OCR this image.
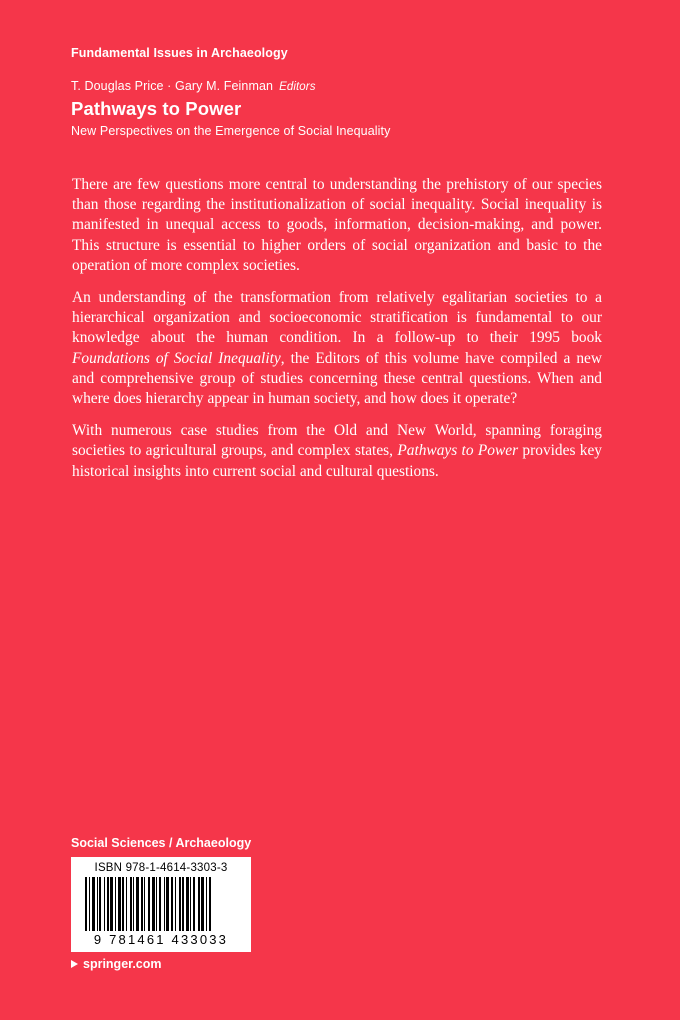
Fundamental Issues in Archaeology
T. Douglas Price · Gary M. Feinman Editors
Pathways to Power
New Perspectives on the Emergence of Social Inequality

There are few questions more central to understanding the prehistory of our species than those regarding the institutionalization of social inequality. Social inequality is manifested in unequal access to goods, information, decision-making, and power. This structure is essential to higher orders of social organization and basic to the operation of more complex societies.

An understanding of the transformation from relatively egalitarian societies to a hierarchical organization and socioeconomic stratification is fundamental to our knowledge about the human condition. In a follow-up to their 1995 book Foundations of Social Inequality, the Editors of this volume have compiled a new and comprehensive group of studies concerning these central questions. When and where does hierarchy appear in human society, and how does it operate?

With numerous case studies from the Old and New World, spanning foraging societies to agricultural groups, and complex states, Pathways to Power provides key historical insights into current social and cultural questions.

Social Sciences / Archaeology
ISBN 978-1-4614-3303-3
9 781461 433033
springer.com
